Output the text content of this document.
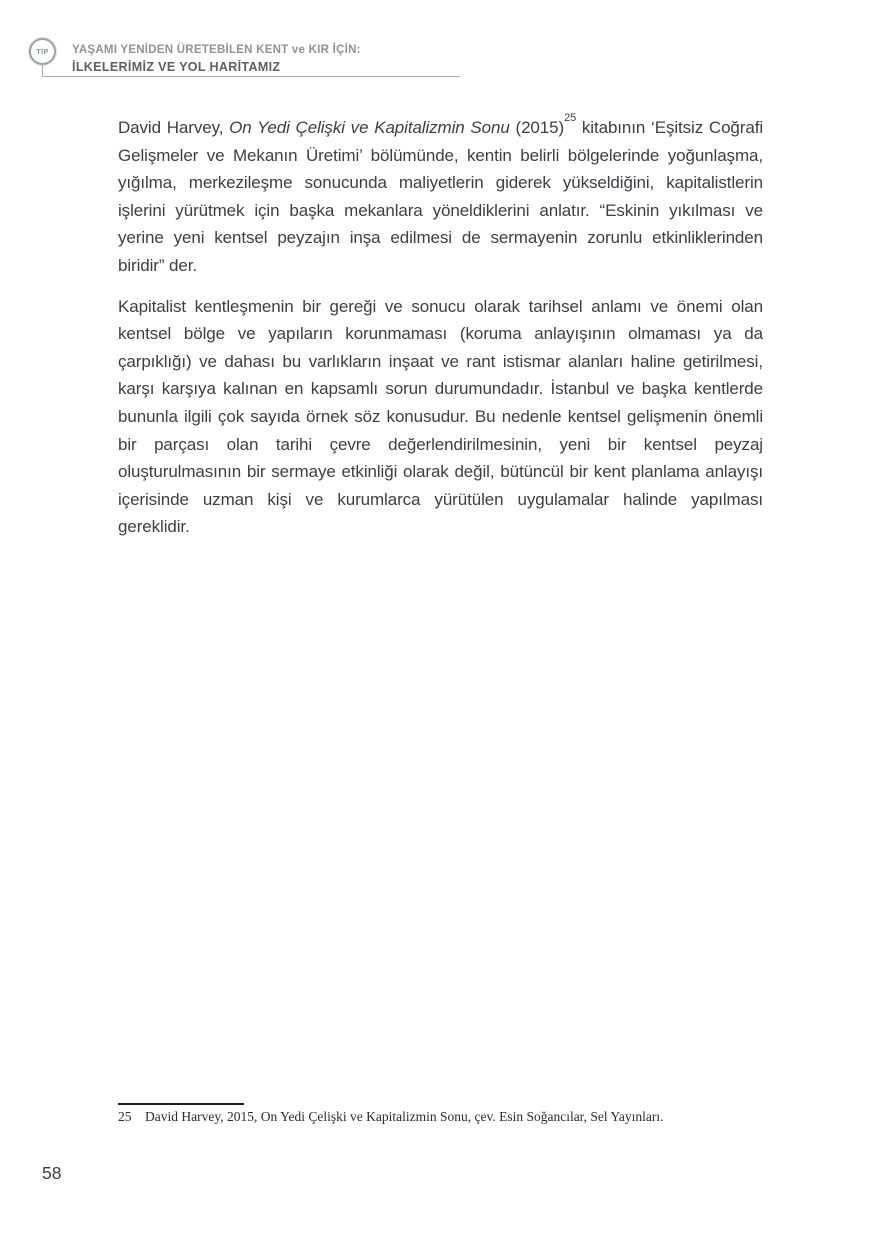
TİP YAŞAMI YENİDEN ÜRETEBİLEN KENT ve KIR İÇİN:
İLKELERİMİZ VE YOL HARİTAMIZ

David Harvey, On Yedi Çelişki ve Kapitalizmin Sonu $(2015)^{25}$ kitabının ‘Eşitsiz Coğrafi Gelişmeler ve Mekanın Üretimi’ bölümünde, kentin belirli bölgelerinde yoğunlaşma, yığılma, merkezileşme sonucunda maliyetlerin giderek yükseldiğini, kapitalistlerin işlerini yürütmek için başka mekanlara yöneldiklerini anlatır. “Eskinin yıkılması ve yerine yeni kentsel peyzajın inşa edilmesi de sermayenin zorunlu etkinliklerinden biridir” der.

Kapitalist kentleşmenin bir gereği ve sonucu olarak tarihsel anlamı ve önemi olan kentsel bölge ve yapıların korunmaması (koruma anlayışının olmaması ya da çarpıklığı) ve dahası bu varlıkların inşaat ve rant istismar alanları haline getirilmesi, karşı karşıya kalınan en kapsamlı sorun durumundadır. İstanbul ve başka kentlerde bununla ilgili çok sayıda örnek söz konusudur. Bu nedenle kentsel gelişmenin önemli bir parçası olan tarihi çevre değerlendirilmesinin, yeni bir kentsel peyzaj oluşturulmasının bir sermaye etkinliği olarak değil, bütüncül bir kent planlama anlayışı içerisinde uzman kişi ve kurumlarca yürütülen uygulamalar halinde yapılması gereklidir.

25 David Harvey, 2015, On Yedi Çelişki ve Kapitalizmin Sonu, çev. Esin Soğancılar, Sel Yayınları.
58
